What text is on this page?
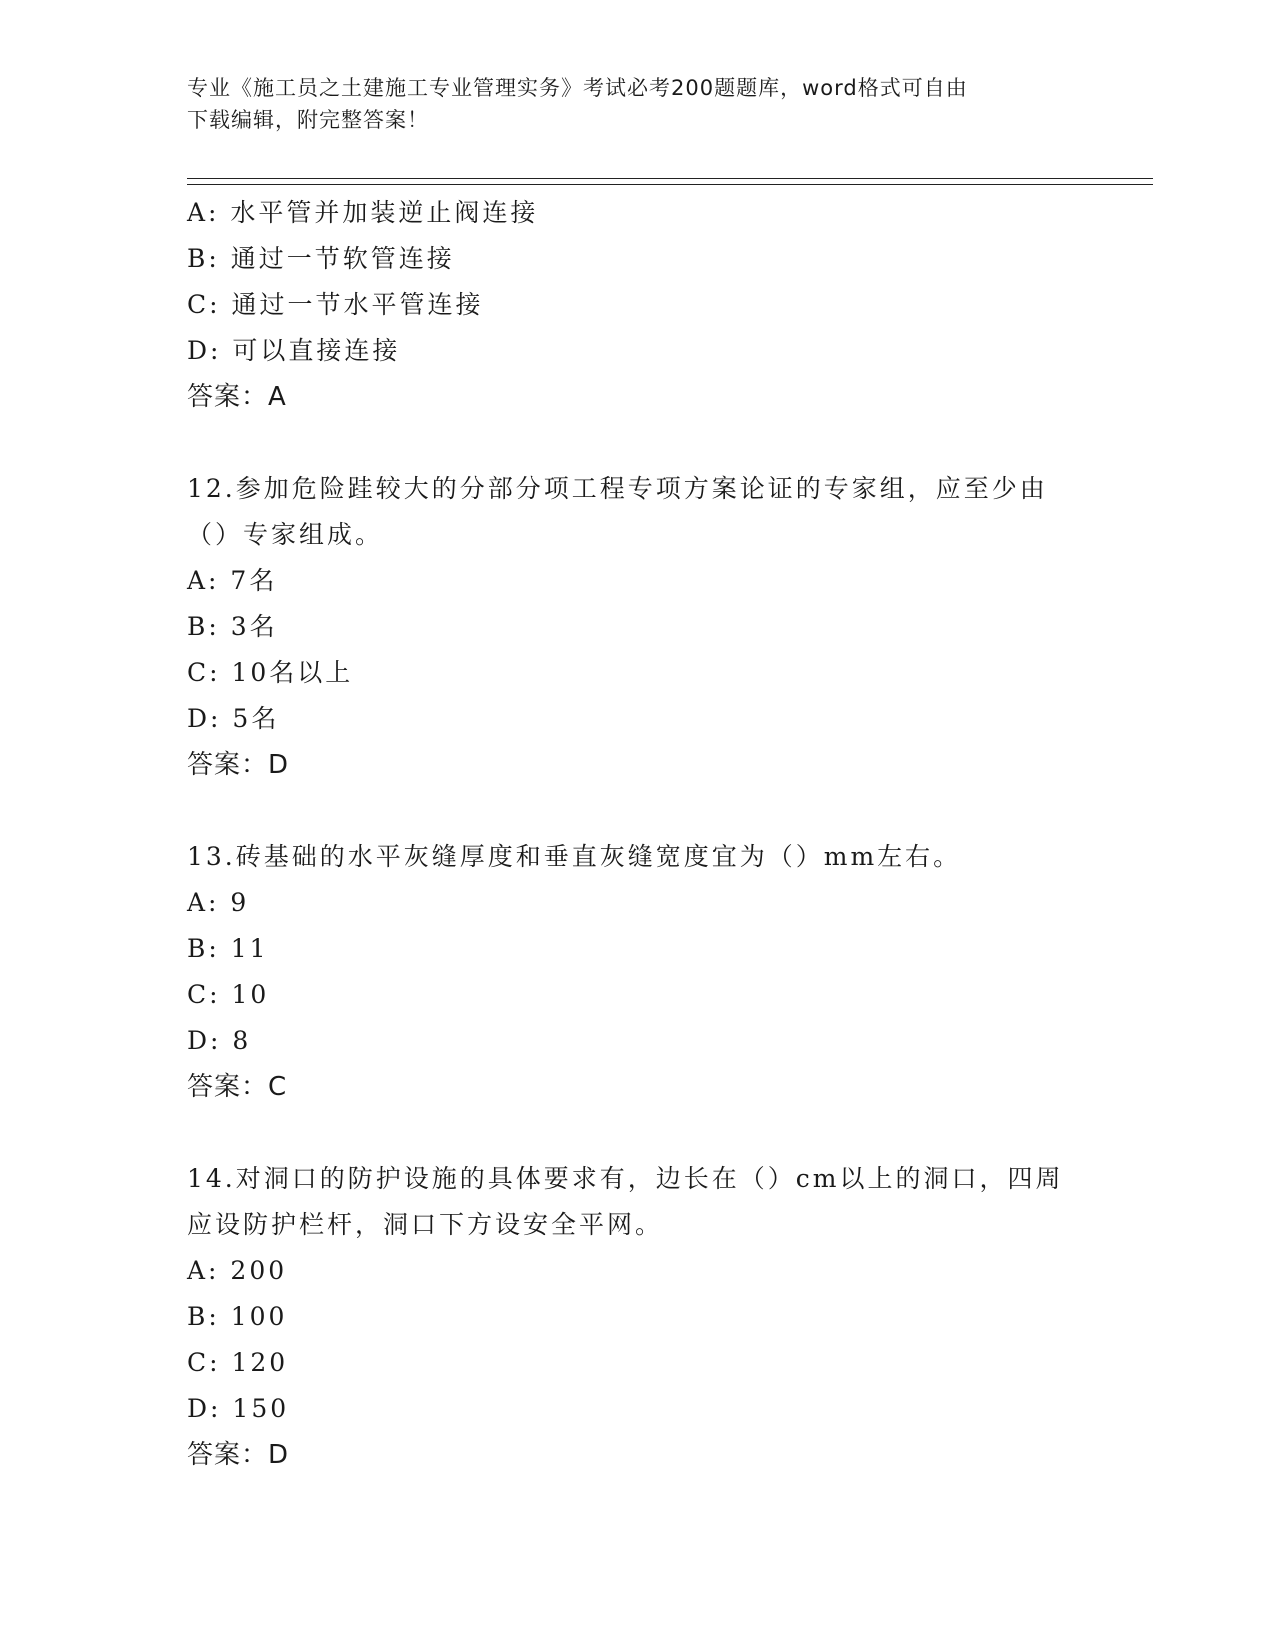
专业《施工员之土建施工专业管理实务》考试必考200题题库，word格式可自由
下载编辑，附完整答案！
A: 水平管并加装逆止阀连接
B: 通过一节软管连接
C: 通过一节水平管连接
D: 可以直接连接
答案：A
12.参加危险跬较大的分部分项工程专项方案论证的专家组，应至少由（）专家组成。
A: 7名
B: 3名
C: 10名以上
D: 5名
答案：D
13.砖基础的水平灰缝厚度和垂直灰缝宽度宜为（）mm左右。
A: 9
B: 11
C: 10
D: 8
答案：C
14.对洞口的防护设施的具体要求有，边长在（）cm以上的洞口，四周应设防护栏杆，洞口下方设安全平网。
A: 200
B: 100
C: 120
D: 150
答案：D
